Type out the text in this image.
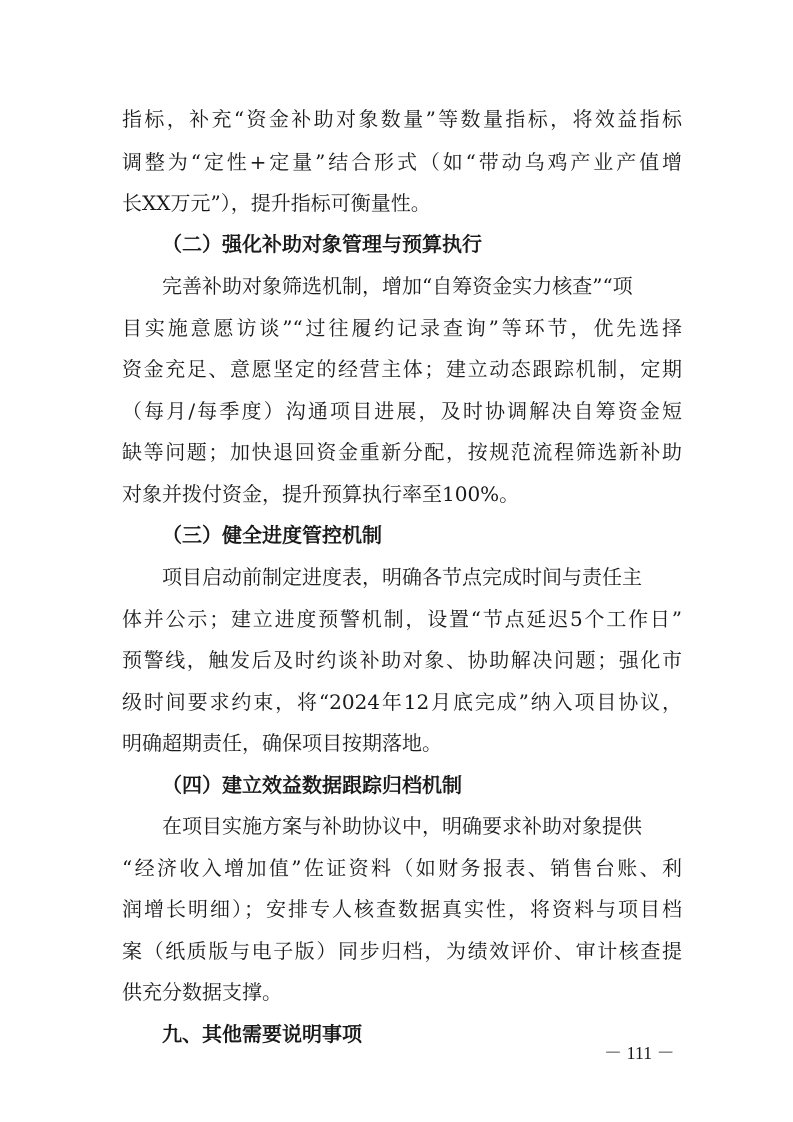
指标，补充“资金补助对象数量”等数量指标，将效益指标
调整为“定性+定量”结合形式（如“带动乌鸡产业产值增
长XX万元”），提升指标可衡量性。
（二）强化补助对象管理与预算执行
完善补助对象筛选机制，增加“自筹资金实力核查”“项
目实施意愿访谈”“过往履约记录查询”等环节，优先选择
资金充足、意愿坚定的经营主体；建立动态跟踪机制，定期
（每月/每季度）沟通项目进展，及时协调解决自筹资金短
缺等问题；加快退回资金重新分配，按规范流程筛选新补助
对象并拨付资金，提升预算执行率至100%。
（三）健全进度管控机制
项目启动前制定进度表，明确各节点完成时间与责任主
体并公示；建立进度预警机制，设置“节点延迟5个工作日”
预警线，触发后及时约谈补助对象、协助解决问题；强化市
级时间要求约束，将“2024年12月底完成”纳入项目协议，
明确超期责任，确保项目按期落地。
（四）建立效益数据跟踪归档机制
在项目实施方案与补助协议中，明确要求补助对象提供
“经济收入增加值”佐证资料（如财务报表、销售台账、利
润增长明细）；安排专人核查数据真实性，将资料与项目档
案（纸质版与电子版）同步归档，为绩效评价、审计核查提
供充分数据支撑。
九、其他需要说明事项
－ 111 －
